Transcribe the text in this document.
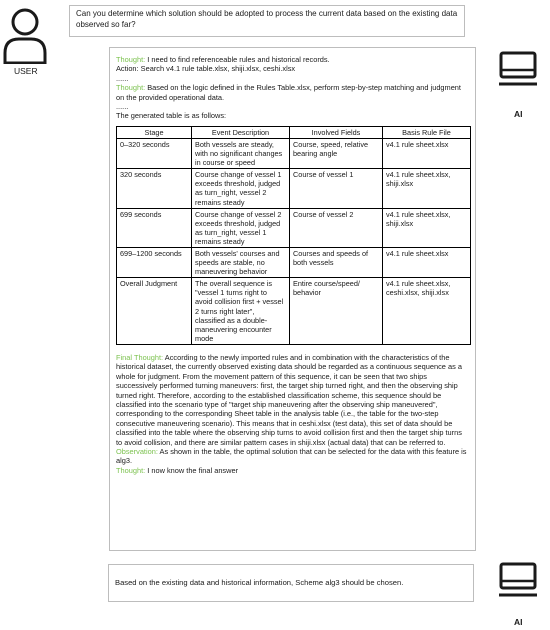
USER
Can you determine which solution should be adopted to process the current data based on the existing data observed so far?
AI
Thought: I need to find referenceable rules and historical records.
Action: Search v4.1 rule table.xlsx, shiji.xlsx, ceshi.xlsx
......
Thought: Based on the logic defined in the Rules Table.xlsx, perform step-by-step matching and judgment on the provided operational data.
......
The generated table is as follows:
Stage	Event Description	Involved Fields	Basis Rule File
0–320 seconds	Both vessels are steady, with no significant changes in course or speed	Course, speed, relative bearing angle	v4.1 rule sheet.xlsx
320 seconds	Course change of vessel 1 exceeds threshold, judged as turn_right, vessel 2 remains steady	Course of vessel 1	v4.1 rule sheet.xlsx, shiji.xlsx
699 seconds	Course change of vessel 2 exceeds threshold, judged as turn_right, vessel 1 remains steady	Course of vessel 2	v4.1 rule sheet.xlsx, shiji.xlsx
699–1200 seconds	Both vessels' courses and speeds are stable, no maneuvering behavior	Courses and speeds of both vessels	v4.1 rule sheet.xlsx
Overall Judgment	The overall sequence is "vessel 1 turns right to avoid collision first + vessel 2 turns right later", classified as a double-maneuvering encounter mode	Entire course/speed/ behavior	v4.1 rule sheet.xlsx, ceshi.xlsx, shiji.xlsx
Final Thought: According to the newly imported rules and in combination with the characteristics of the historical dataset, the currently observed existing data should be regarded as a continuous sequence as a whole for judgment. From the movement pattern of this sequence, it can be seen that two ships successively performed turning maneuvers: first, the target ship turned right, and then the observing ship turned right. Therefore, according to the established classification scheme, this sequence should be classified into the scenario type of "target ship maneuvering after the observing ship maneuvered", corresponding to the corresponding Sheet table in the analysis table (i.e., the table for the two-step consecutive maneuvering scenario). This means that in ceshi.xlsx (test data), this set of data should be classified into the table where the observing ship turns to avoid collision first and then the target ship turns to avoid collision, and there are similar pattern cases in shiji.xlsx (actual data) that can be referred to.
Observation: As shown in the table, the optimal solution that can be selected for the data with this feature is alg3.
Thought: I now know the final answer
Based on the existing data and historical information, Scheme alg3 should be chosen.
AI
